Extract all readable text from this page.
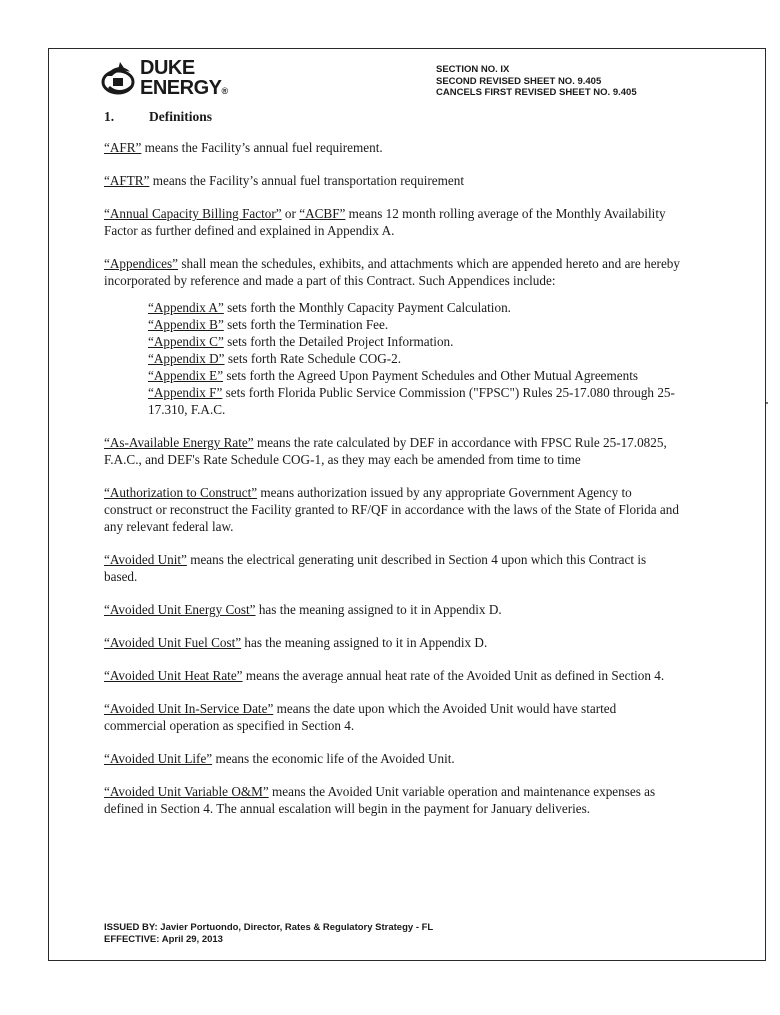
DUKE
ENERGY®
SECTION NO. IX
SECOND REVISED SHEET NO. 9.405
CANCELS FIRST REVISED SHEET NO. 9.405
1.	Definitions

“AFR” means the Facility’s annual fuel requirement.

“AFTR” means the Facility’s annual fuel transportation requirement

“Annual Capacity Billing Factor” or “ACBF” means 12 month rolling average of the Monthly Availability Factor as further defined and explained in Appendix A.

“Appendices” shall mean the schedules, exhibits, and attachments which are appended hereto and are hereby incorporated by reference and made a part of this Contract. Such Appendices include:

“Appendix A” sets forth the Monthly Capacity Payment Calculation.
“Appendix B” sets forth the Termination Fee.
“Appendix C” sets forth the Detailed Project Information.
“Appendix D” sets forth Rate Schedule COG-2.
“Appendix E” sets forth the Agreed Upon Payment Schedules and Other Mutual Agreements
“Appendix F” sets forth Florida Public Service Commission ("FPSC") Rules 25-17.080 through 25-17.310, F.A.C.

“As-Available Energy Rate” means the rate calculated by DEF in accordance with FPSC Rule 25-17.0825, F.A.C., and DEF's Rate Schedule COG-1, as they may each be amended from time to time

“Authorization to Construct” means authorization issued by any appropriate Government Agency to construct or reconstruct the Facility granted to RF/QF in accordance with the laws of the State of Florida and any relevant federal law.

“Avoided Unit” means the electrical generating unit described in Section 4 upon which this Contract is based.

“Avoided Unit Energy Cost” has the meaning assigned to it in Appendix D.

“Avoided Unit Fuel Cost” has the meaning assigned to it in Appendix D.

“Avoided Unit Heat Rate” means the average annual heat rate of the Avoided Unit as defined in Section 4.

“Avoided Unit In-Service Date” means the date upon which the Avoided Unit would have started commercial operation as specified in Section 4.

“Avoided Unit Life” means the economic life of the Avoided Unit.

“Avoided Unit Variable O&M” means the Avoided Unit variable operation and maintenance expenses as defined in Section 4. The annual escalation will begin in the payment for January deliveries.

ISSUED BY: Javier Portuondo, Director, Rates & Regulatory Strategy - FL
EFFECTIVE: April 29, 2013
